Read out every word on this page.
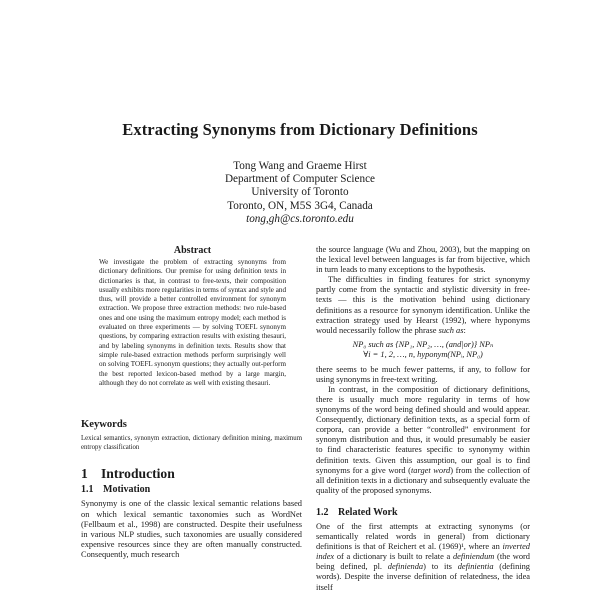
Extracting Synonyms from Dictionary Definitions
Tong Wang and Graeme Hirst
Department of Computer Science
University of Toronto
Toronto, ON, M5S 3G4, Canada
tong,gh@cs.toronto.edu
Abstract

We investigate the problem of extracting synonyms from dictionary definitions. Our premise for using definition texts in dictionaries is that, in contrast to free-texts, their composition usually exhibits more regularities in terms of syntax and style and thus, will provide a better controlled environment for synonym extraction. We propose three extraction methods: two rule-based ones and one using the maximum entropy model; each method is evaluated on three experiments — by solving TOEFL synonym questions, by comparing extraction results with existing thesauri, and by labeling synonyms in definition texts. Results show that simple rule-based extraction methods perform surprisingly well on solving TOEFL synonym questions; they actually out-perform the best reported lexicon-based method by a large margin, although they do not correlate as well with existing thesauri.

Keywords

Lexical semantics, synonym extraction, dictionary definition mining, maximum entropy classification

1 Introduction
1.1 Motivation

Synonymy is one of the classic lexical semantic relations based on which lexical semantic taxonomies such as WordNet (Fellbaum et al., 1998) are constructed. Despite their usefulness in various NLP studies, such taxonomies are usually considered expensive resources since they are often manually constructed. Consequently, much research

the source language (Wu and Zhou, 2003), but the mapping on the lexical level between languages is far from bijective, which in turn leads to many exceptions to the hypothesis.

The difficulties in finding features for strict synonymy partly come from the syntactic and stylistic diversity in free-texts — this is the motivation behind using dictionary definitions as a resource for synonym identification. Unlike the extraction strategy used by Hearst (1992), where hyponyms would necessarily follow the phrase such as:

NP₀ such as {NP₁, NP₂, …, (and|or)} NPₙ
∀i = 1, 2, …, n, hyponym(NPᵢ, NP₀)

there seems to be much fewer patterns, if any, to follow for using synonyms in free-text writing.

In contrast, in the composition of dictionary definitions, there is usually much more regularity in terms of how synonyms of the word being defined should and would appear. Consequently, dictionary definition texts, as a special form of corpora, can provide a better “controlled” environment for synonym distribution and thus, it would presumably be easier to find characteristic features specific to synonymy within definition texts. Given this assumption, our goal is to find synonyms for a give word (target word) from the collection of all definition texts in a dictionary and subsequently evaluate the quality of the proposed synonyms.

1.2 Related Work

One of the first attempts at extracting synonyms (or semantically related words in general) from dictionary definitions is that of Reichert et al. (1969)¹, where an inverted index of a dictionary is built to relate a definiendum (the word being defined, pl. definienda) to its definientia (defining words). Despite the inverse definition of relatedness, the idea itself
